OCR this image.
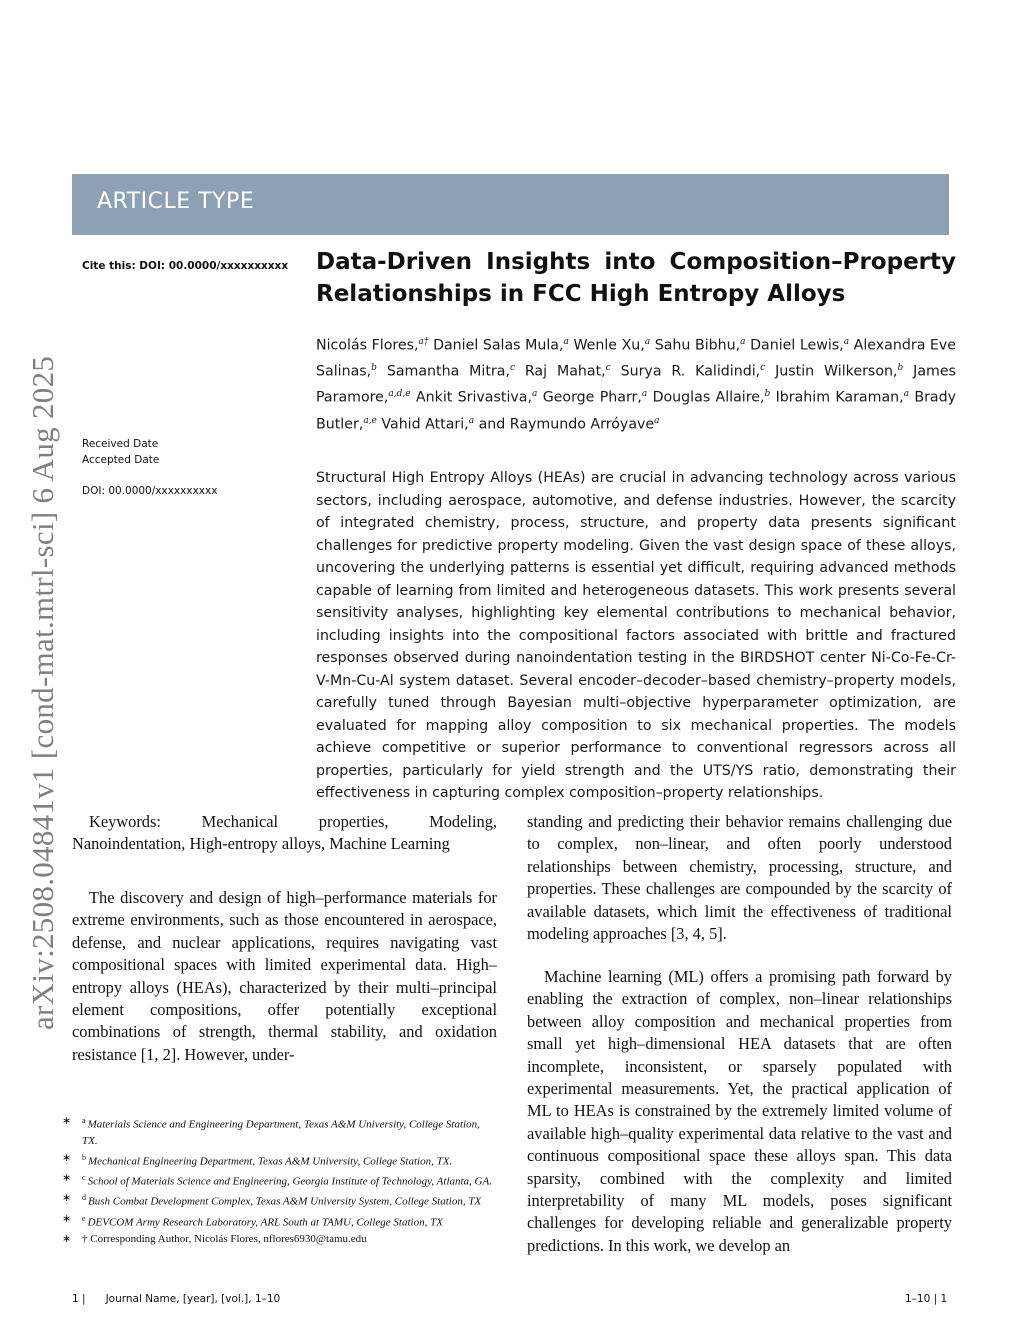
ARTICLE TYPE
arXiv:2508.04841v1 [cond-mat.mtrl-sci] 6 Aug 2025
Cite this: DOI: 00.0000/xxxxxxxxxx
Received Date
Accepted Date
DOI: 00.0000/xxxxxxxxxx
Data-Driven Insights into Composition–Property Relationships in FCC High Entropy Alloys
Nicolás Flores,$^{a\dagger}$ Daniel Salas Mula,$^a$ Wenle Xu,$^a$ Sahu Bibhu,$^a$ Daniel Lewis,$^a$ Alexandra Eve Salinas,$^b$ Samantha Mitra,$^c$ Raj Mahat,$^c$ Surya R. Kalidindi,$^c$ Justin Wilkerson,$^b$ James Paramore,$^{a,d,e}$ Ankit Srivastiva,$^a$ George Pharr,$^a$ Douglas Allaire,$^b$ Ibrahim Karaman,$^a$ Brady Butler,$^{a,e}$ Vahid Attari,$^a$ and Raymundo Arróyave$^a$
Structural High Entropy Alloys (HEAs) are crucial in advancing technology across various sectors, including aerospace, automotive, and defense industries. However, the scarcity of integrated chemistry, process, structure, and property data presents significant challenges for predictive property modeling. Given the vast design space of these alloys, uncovering the underlying patterns is essential yet difficult, requiring advanced methods capable of learning from limited and heterogeneous datasets. This work presents several sensitivity analyses, highlighting key elemental contributions to mechanical behavior, including insights into the compositional factors associated with brittle and fractured responses observed during nanoindentation testing in the BIRDSHOT center Ni-Co-Fe-Cr-V-Mn-Cu-Al system dataset. Several encoder–decoder–based chemistry–property models, carefully tuned through Bayesian multi–objective hyperparameter optimization, are evaluated for mapping alloy composition to six mechanical properties. The models achieve competitive or superior performance to conventional regressors across all properties, particularly for yield strength and the UTS/YS ratio, demonstrating their effectiveness in capturing complex composition–property relationships.

Keywords: Mechanical properties, Modeling, Nanoindentation, High-entropy alloys, Machine Learning

The discovery and design of high–performance materials for extreme environments, such as those encountered in aerospace, defense, and nuclear applications, requires navigating vast compositional spaces with limited experimental data. High–entropy alloys (HEAs), characterized by their multi–principal element compositions, offer potentially exceptional combinations of strength, thermal stability, and oxidation resistance [1, 2]. However, under-

standing and predicting their behavior remains challenging due to complex, non–linear, and often poorly understood relationships between chemistry, processing, structure, and properties. These challenges are compounded by the scarcity of available datasets, which limit the effectiveness of traditional modeling approaches [3, 4, 5].

Machine learning (ML) offers a promising path forward by enabling the extraction of complex, non–linear relationships between alloy composition and mechanical properties from small yet high–dimensional HEA datasets that are often incomplete, inconsistent, or sparsely populated with experimental measurements. Yet, the practical application of ML to HEAs is constrained by the extremely limited volume of available high–quality experimental data relative to the vast and continuous compositional space these alloys span. This data sparsity, combined with the complexity and limited interpretability of many ML models, poses significant challenges for developing reliable and generalizable property predictions. In this work, we develop an

∗ $^a$ Materials Science and Engineering Department, Texas A&M University, College Station, TX.
∗ $^b$ Mechanical Engineering Department, Texas A&M University, College Station, TX.
∗ $^c$ School of Materials Science and Engineering, Georgia Institute of Technology, Atlanta, GA.
∗ $^d$ Bush Combat Development Complex, Texas A&M University System, College Station, TX
∗ $^e$ DEVCOM Army Research Laboratory, ARL South at TAMU, College Station, TX
∗ † Corresponding Author, Nicolás Flores, nflores6930@tamu.edu
1 |      Journal Name, [year], [vol.], 1–10	1–10 | 1
